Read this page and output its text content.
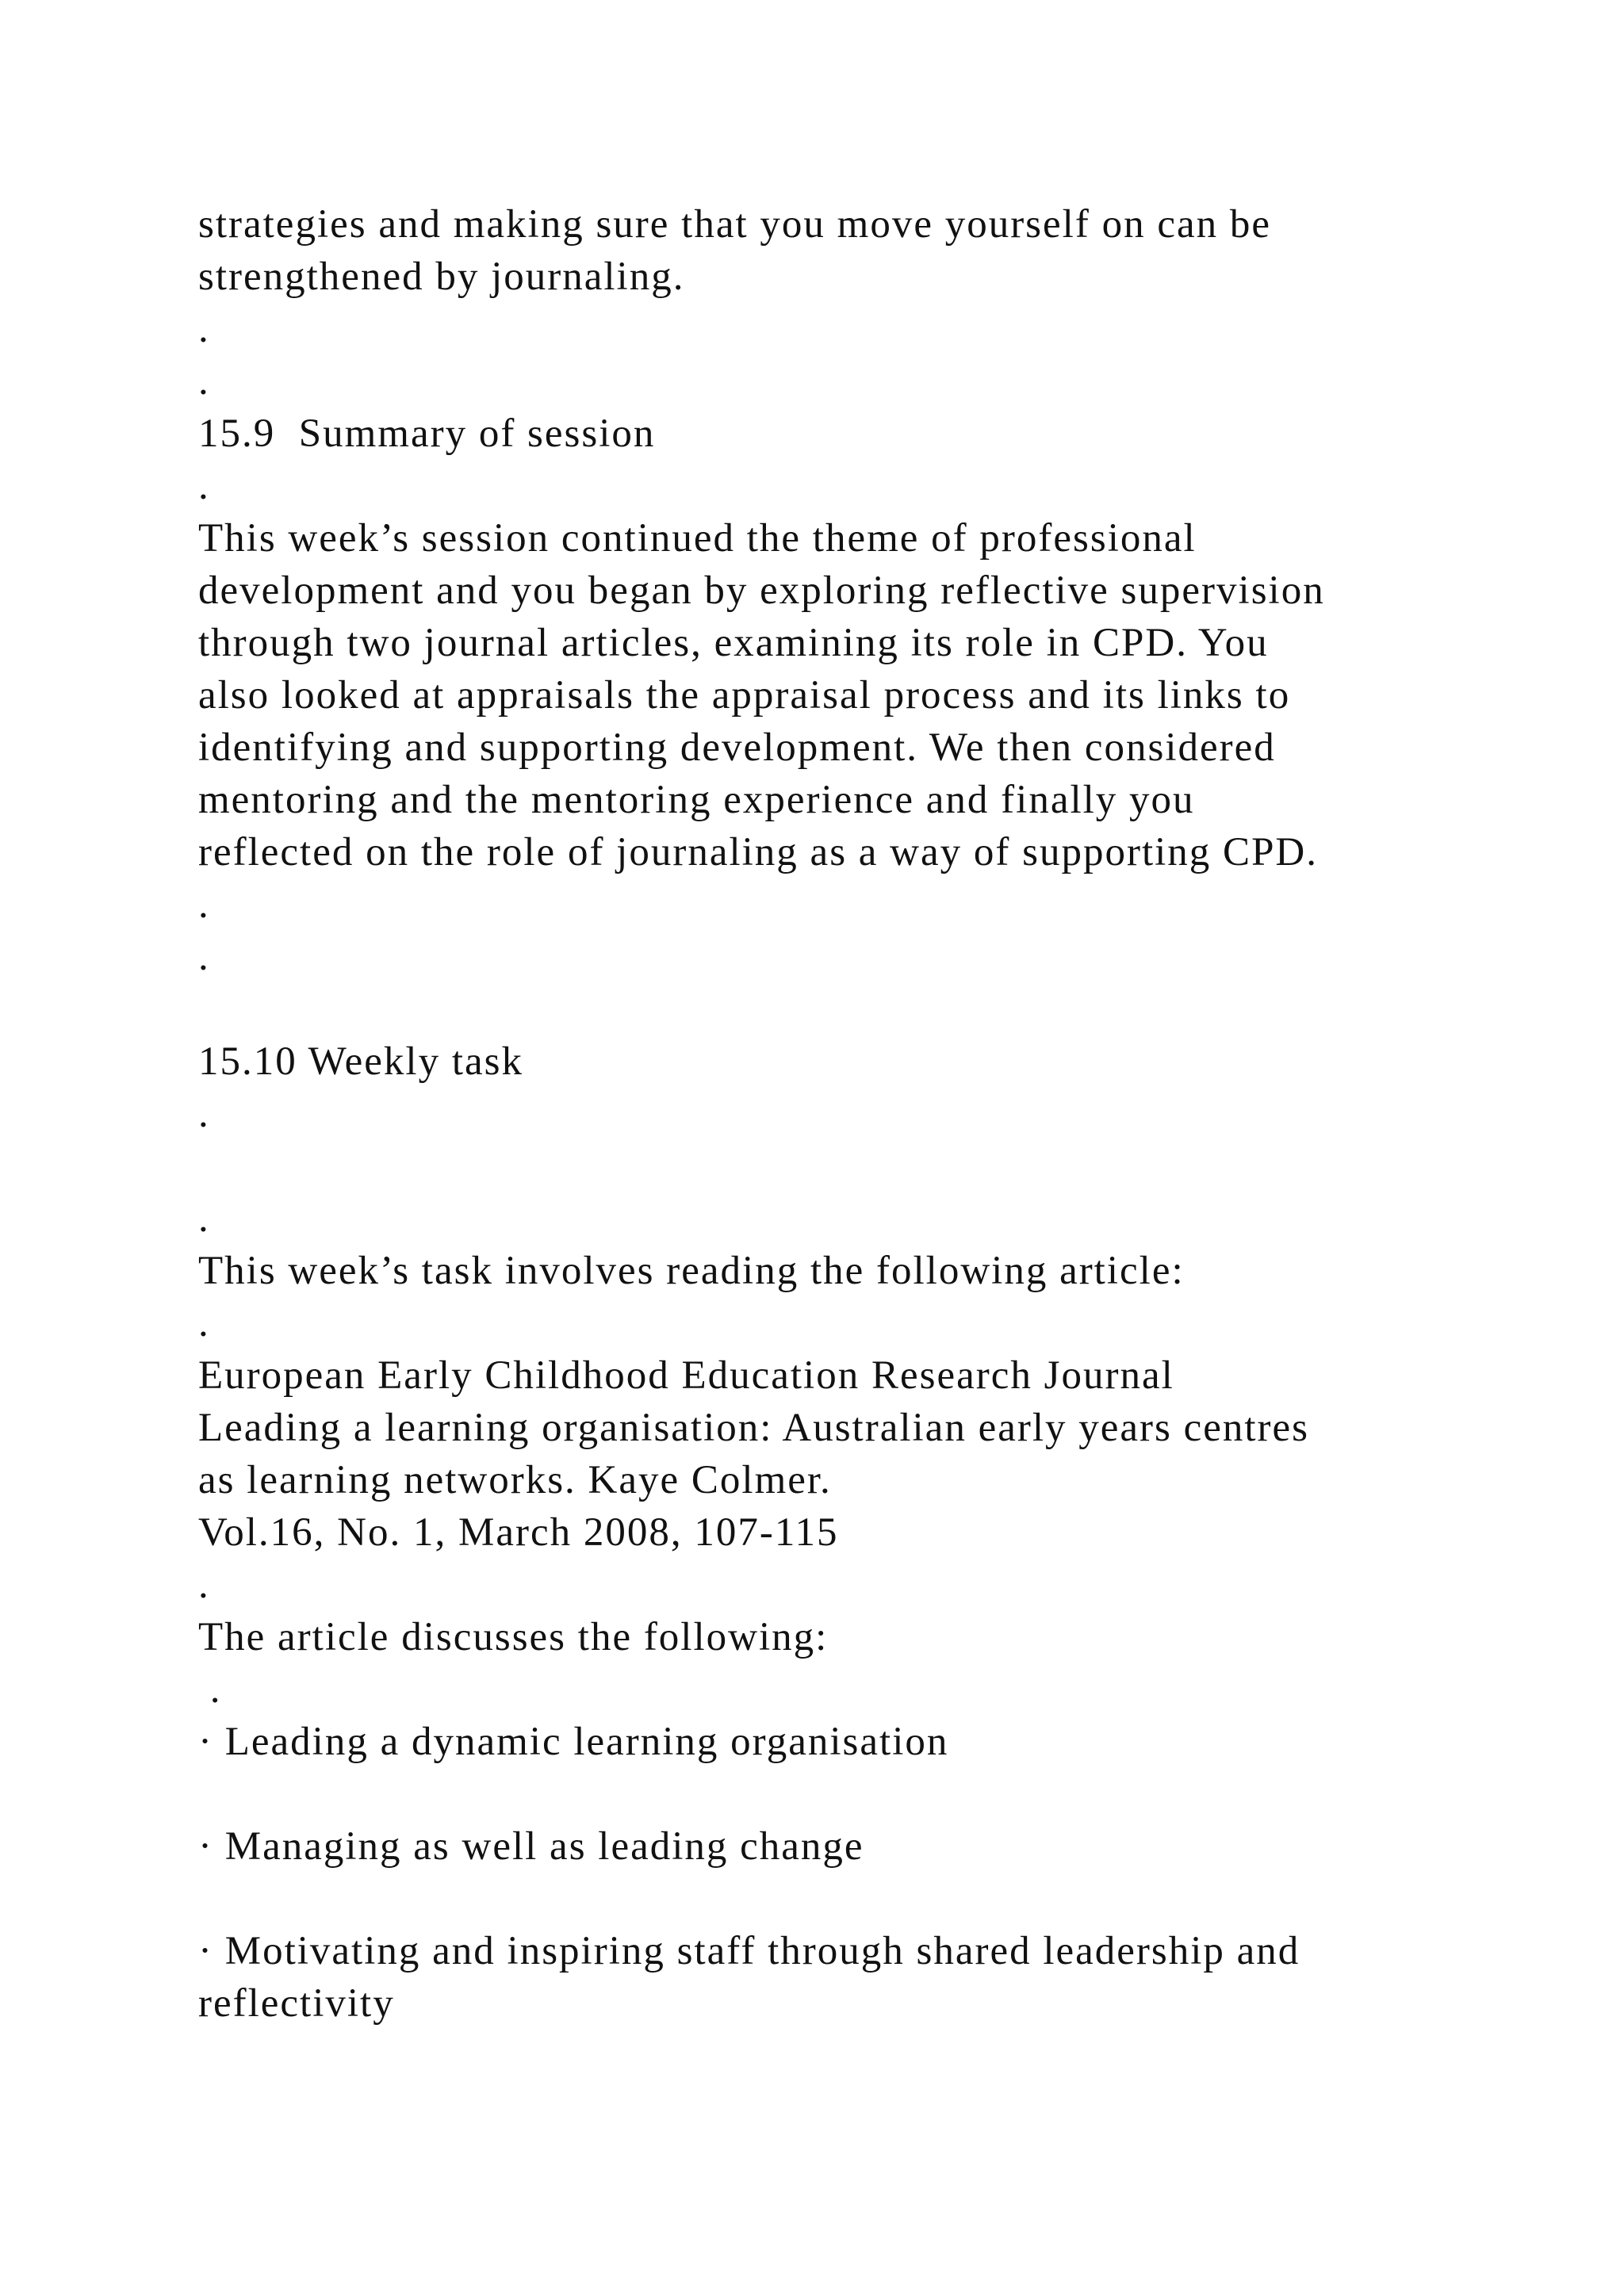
strategies and making sure that you move yourself on can be
strengthened by journaling.
.
.
15.9  Summary of session
.
This week’s session continued the theme of professional
development and you began by exploring reflective supervision
through two journal articles, examining its role in CPD. You
also looked at appraisals the appraisal process and its links to
identifying and supporting development. We then considered
mentoring and the mentoring experience and finally you
reflected on the role of journaling as a way of supporting CPD.
.
.
15.10 Weekly task
.
.
This week’s task involves reading the following article:
.
European Early Childhood Education Research Journal
Leading a learning organisation: Australian early years centres
as learning networks. Kaye Colmer.
Vol.16, No. 1, March 2008, 107-115
.
The article discusses the following:
.
· Leading a dynamic learning organisation
· Managing as well as leading change
· Motivating and inspiring staff through shared leadership and
reflectivity
